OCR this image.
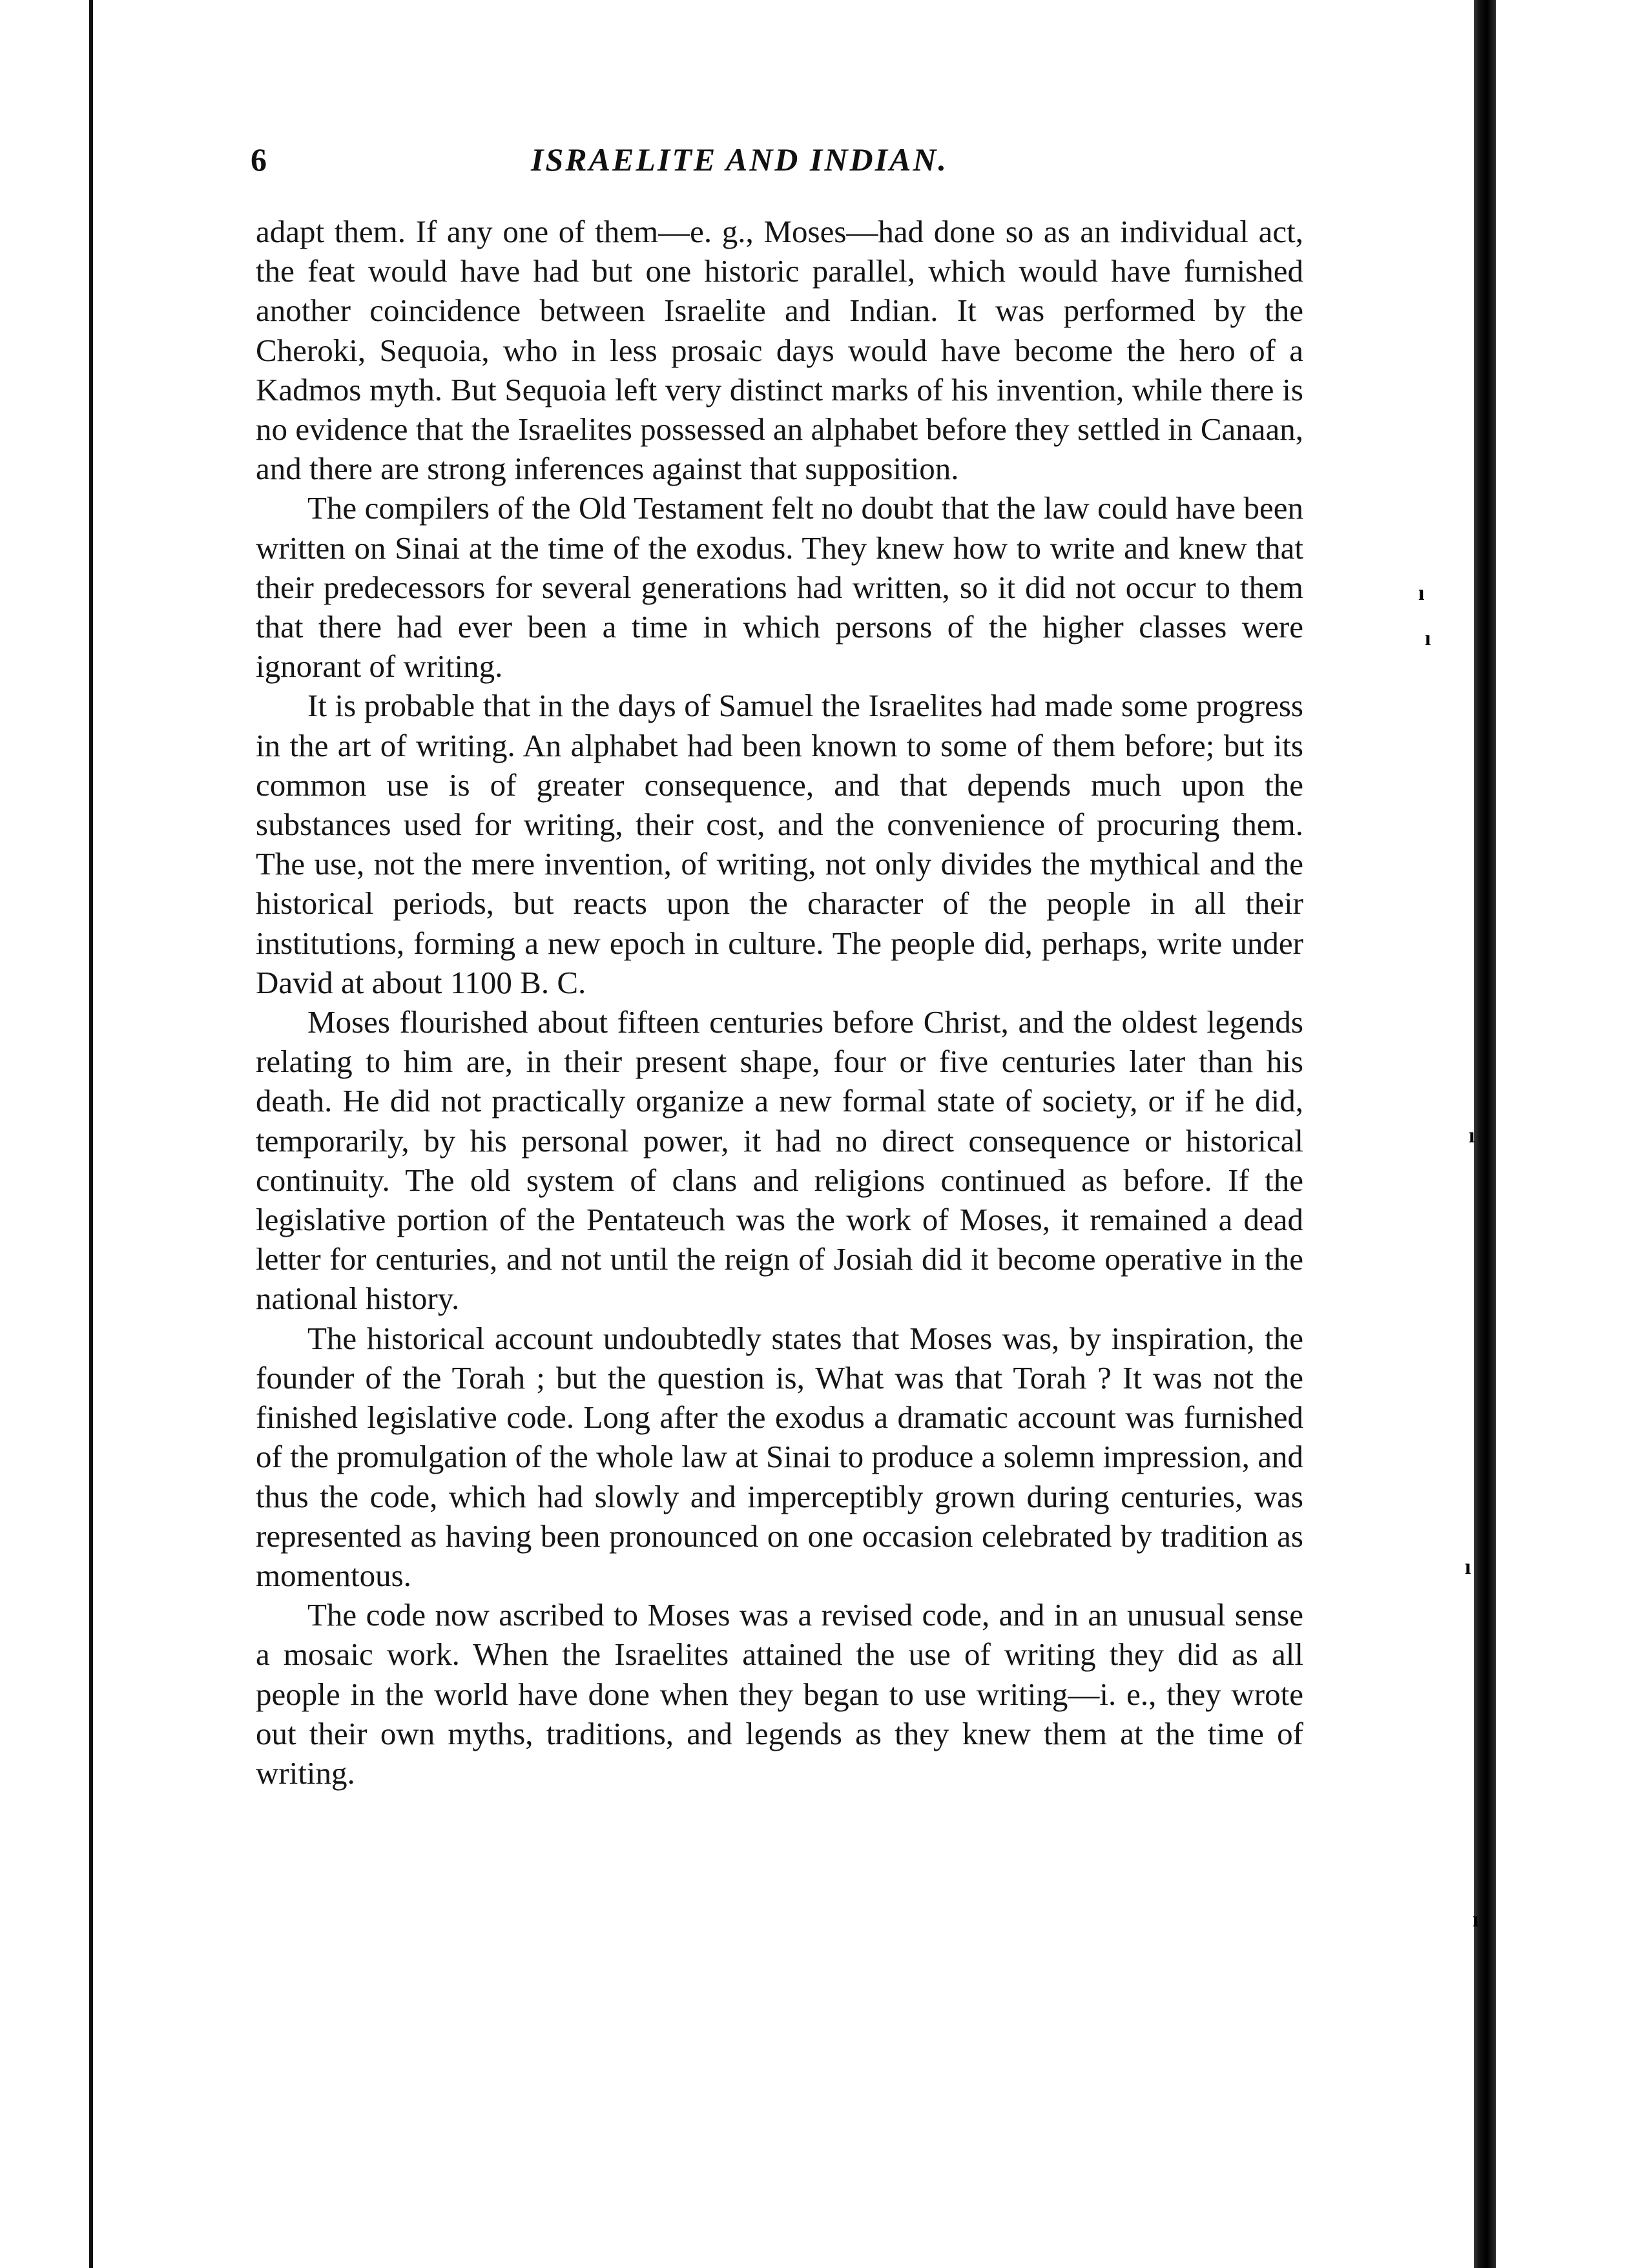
ı
ı
ı
ı
ı
6	ISRAELITE AND INDIAN.

adapt them. If any one of them—e. g., Moses—had done so as an individual act, the feat would have had but one historic parallel, which would have furnished another coincidence between Israelite and Indian. It was performed by the Cheroki, Sequoia, who in less prosaic days would have become the hero of a Kadmos myth. But Sequoia left very distinct marks of his invention, while there is no evidence that the Israelites possessed an alphabet before they settled in Canaan, and there are strong inferences against that supposition.

The compilers of the Old Testament felt no doubt that the law could have been written on Sinai at the time of the exodus. They knew how to write and knew that their predecessors for several generations had written, so it did not occur to them that there had ever been a time in which persons of the higher classes were ignorant of writing.

It is probable that in the days of Samuel the Israelites had made some progress in the art of writing. An alphabet had been known to some of them before; but its common use is of greater consequence, and that depends much upon the substances used for writing, their cost, and the convenience of procuring them. The use, not the mere invention, of writing, not only divides the mythical and the historical periods, but reacts upon the character of the people in all their institutions, forming a new epoch in culture. The people did, perhaps, write under David at about 1100 B. C.

Moses flourished about fifteen centuries before Christ, and the oldest legends relating to him are, in their present shape, four or five centuries later than his death. He did not practically organize a new formal state of society, or if he did, temporarily, by his personal power, it had no direct consequence or historical continuity. The old system of clans and religions continued as before. If the legislative portion of the Pentateuch was the work of Moses, it remained a dead letter for centuries, and not until the reign of Josiah did it become operative in the national history.

The historical account undoubtedly states that Moses was, by inspiration, the founder of the Torah ; but the question is, What was that Torah ? It was not the finished legislative code. Long after the exodus a dramatic account was furnished of the promulgation of the whole law at Sinai to produce a solemn impression, and thus the code, which had slowly and imperceptibly grown during centuries, was represented as having been pronounced on one occasion celebrated by tradition as momentous.

The code now ascribed to Moses was a revised code, and in an unusual sense a mosaic work. When the Israelites attained the use of writing they did as all people in the world have done when they began to use writing—i. e., they wrote out their own myths, traditions, and legends as they knew them at the time of writing.
